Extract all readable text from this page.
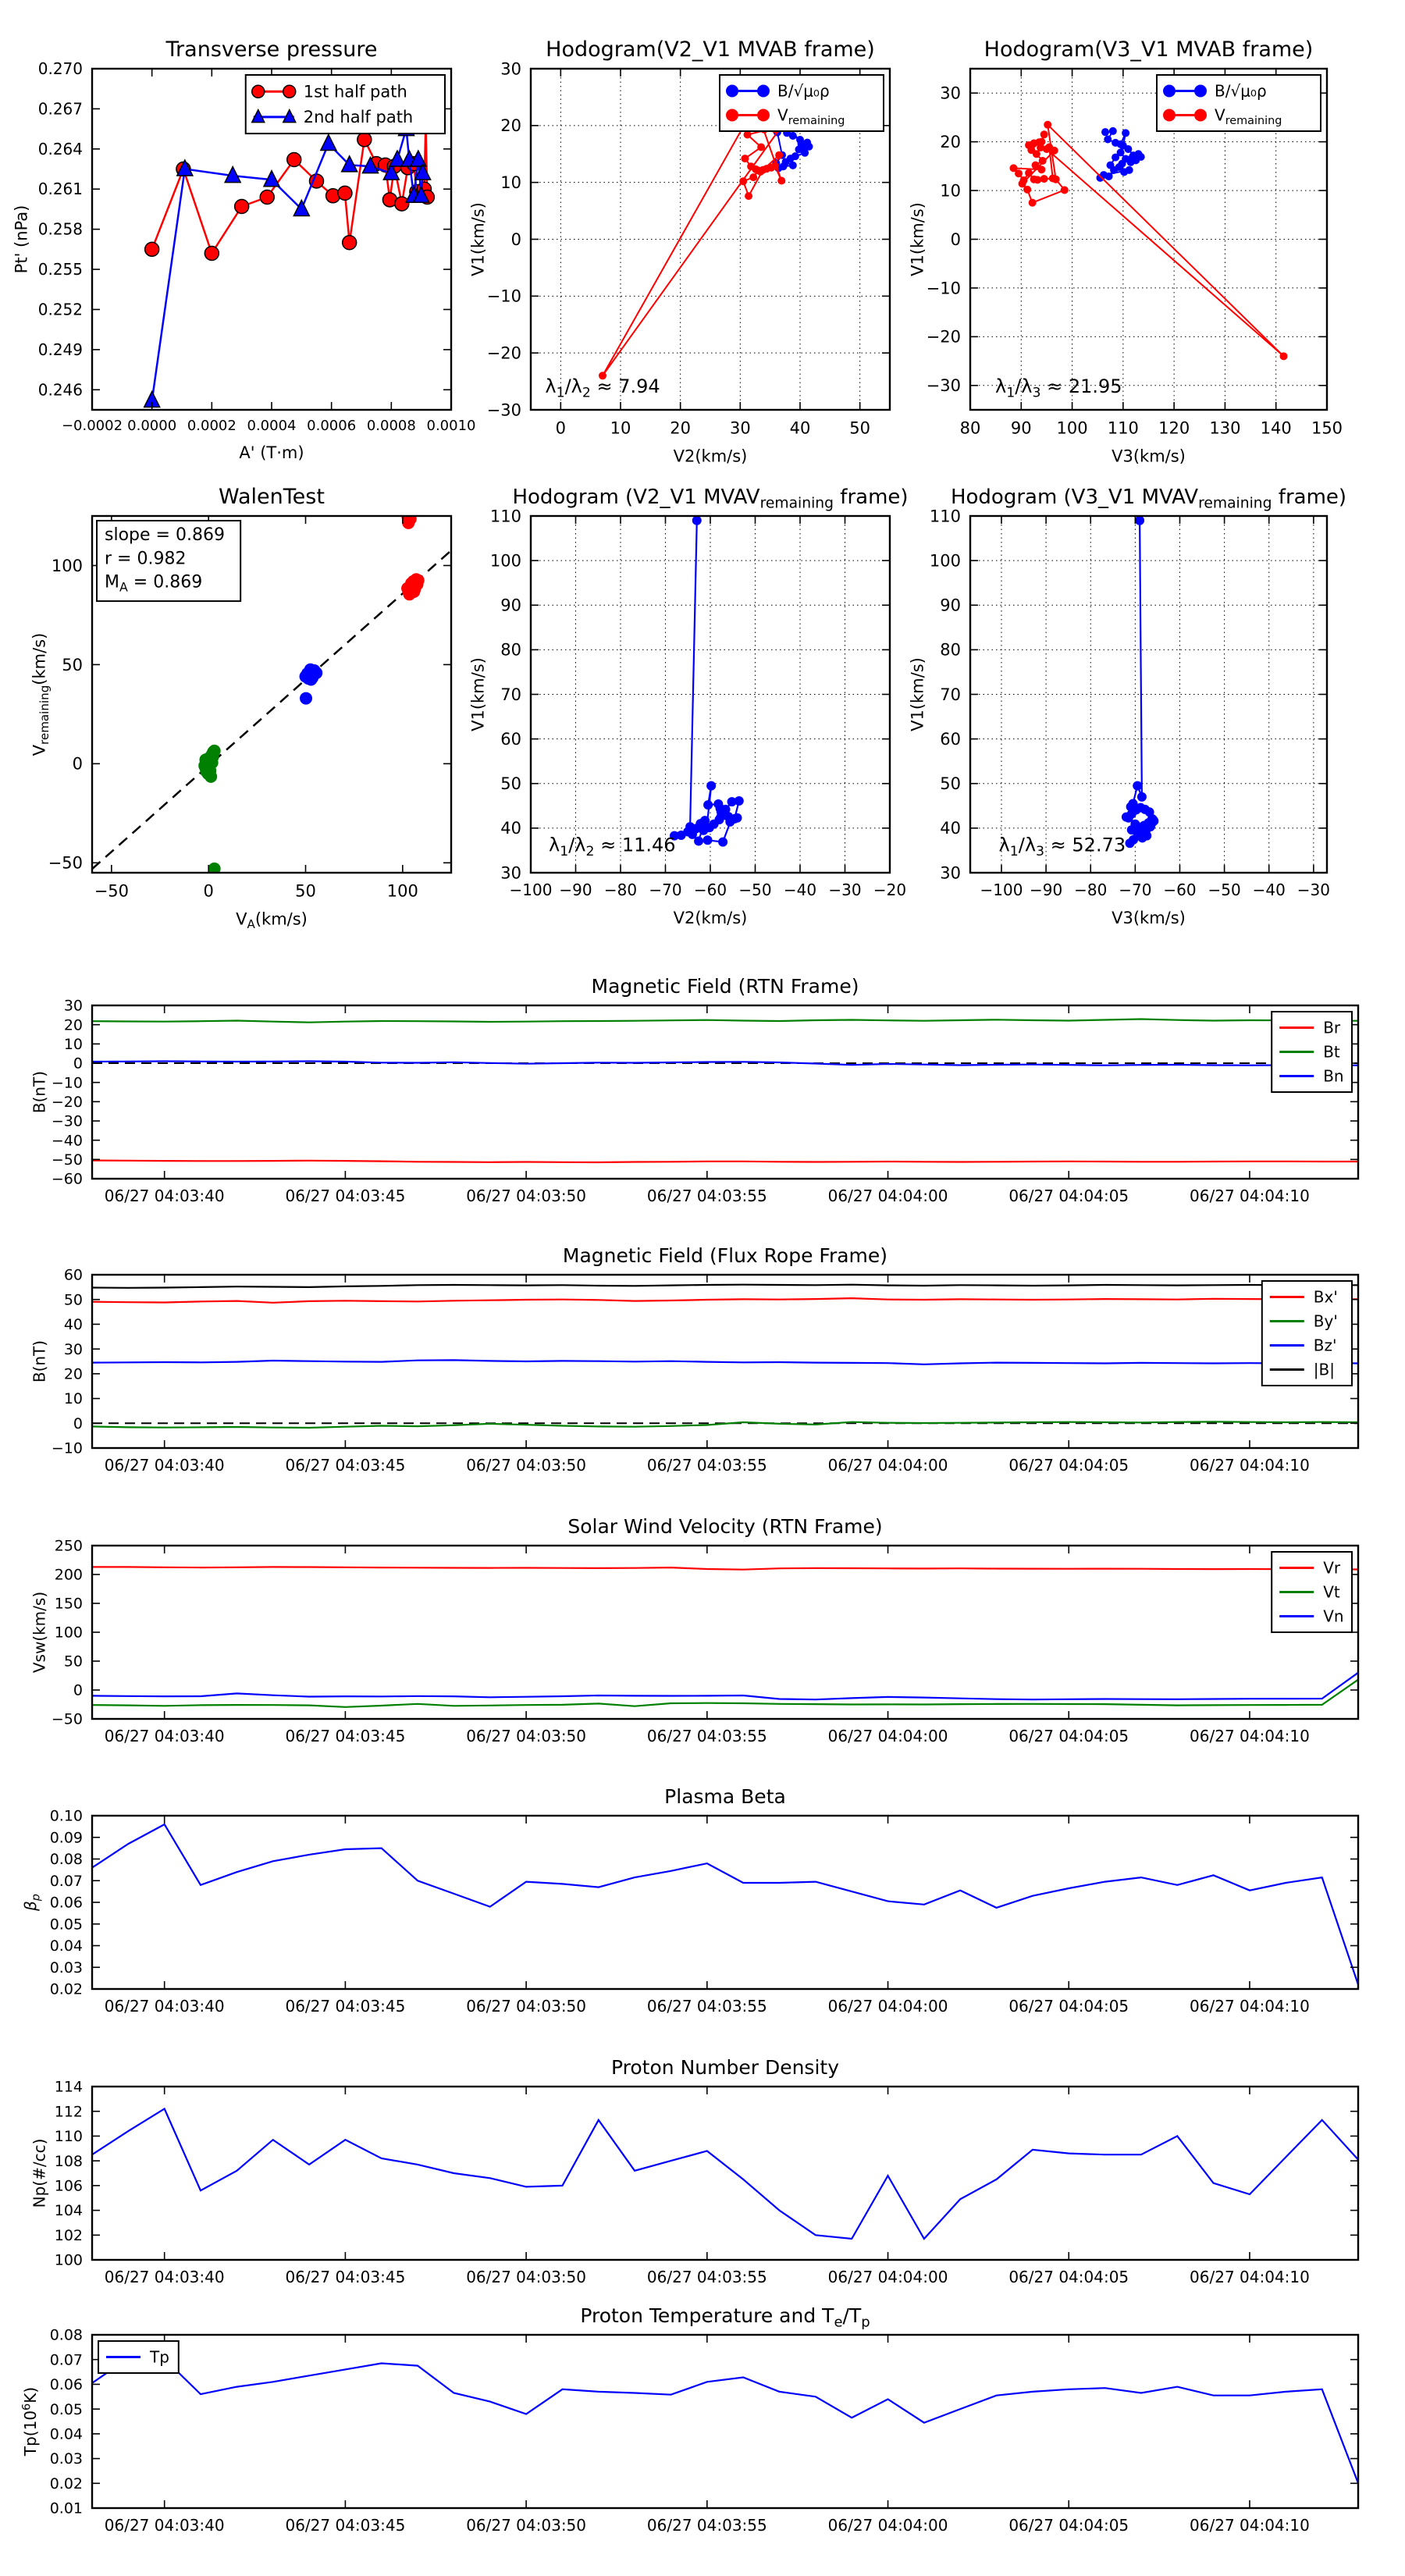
−0.0002 0.0000 0.0002 0.0004 0.0006 0.0008 0.0010
0.246
0.249
0.252
0.255
0.258
0.261
0.264
0.267
0.270
Transverse pressure
A' (T·m)
Pt' (nPa)
1st half path
2nd half path
0	10 20 30 40 50
−30
−20
−10
0
10
20
30
Hodogram(V2_V1 MVAB frame)
V2(km/s)
V1(km/s)
$\lambda_1/\lambda_2 \approx 7.94$
B/√μ₀ρ
$V_{remaining}$
80 90 100 110 120 130 140 150
−30
−20
−10
0
10
20
30
Hodogram(V3_V1 MVAB frame)
V3(km/s)
V1(km/s)
$\lambda_1/\lambda_3 \approx 21.95$
B/√μ₀ρ
$V_{remaining}$
−50	0	50	100
−50
0
50
100
WalenTest
$V_A(km/s)$
$V_{remaining}(km/s)$
slope = 0.869
r = 0.982
$M_A = 0.869$
−100 −90 −80 −70 −60 −50 −40 −30 −20
30
40
50
60
70
80
90
100
110
Hodogram (V2_V1 $MVAV_{remaining}$ frame)
V2(km/s)
V1(km/s)
$\lambda_1/\lambda_2 \approx 11.46$
−100 −90 −80 −70 −60 −50 −40 −30
30
40
50
60
70
80
90
100
110
Hodogram (V3_V1 $MVAV_{remaining}$ frame)
V3(km/s)
V1(km/s)
$\lambda_1/\lambda_3 \approx 52.73$
06/27 04:03:40	06/27 04:03:45	06/27 04:03:50	06/27 04:03:55	06/27 04:04:00	06/27 04:04:05	06/27 04:04:10
−60
−50
−40
−30
−20
−10
0
10
20
30
Magnetic Field (RTN Frame)
B(nT)
Br
Bt
Bn
06/27 04:03:40	06/27 04:03:45	06/27 04:03:50	06/27 04:03:55	06/27 04:04:00	06/27 04:04:05	06/27 04:04:10
−10
0
10
20
30
40
50
60
Magnetic Field (Flux Rope Frame)
B(nT)
Bx'
By'
Bz'
|B|
06/27 04:03:40	06/27 04:03:45	06/27 04:03:50	06/27 04:03:55	06/27 04:04:00	06/27 04:04:05	06/27 04:04:10
−50
0
50
100
150
200
250
Solar Wind Velocity (RTN Frame)
Vsw(km/s)
Vr
Vt
Vn
06/27 04:03:40	06/27 04:03:45	06/27 04:03:50	06/27 04:03:55	06/27 04:04:00	06/27 04:04:05	06/27 04:04:10
0.02
0.03
0.04
0.05
0.06
0.07
0.08
0.09
0.10
Plasma Beta
$\beta_p$
06/27 04:03:40	06/27 04:03:45	06/27 04:03:50	06/27 04:03:55	06/27 04:04:00	06/27 04:04:05	06/27 04:04:10
100
102
104
106
108
110
112
114
Proton Number Density
Np(#/cc)
06/27 04:03:40	06/27 04:03:45	06/27 04:03:50	06/27 04:03:55	06/27 04:04:00	06/27 04:04:05	06/27 04:04:10
0.01
0.02
0.03
0.04
0.05
0.06
0.07
0.08
Proton Temperature and $T_e/T_p$
$Tp(10^6K)$
Tp
